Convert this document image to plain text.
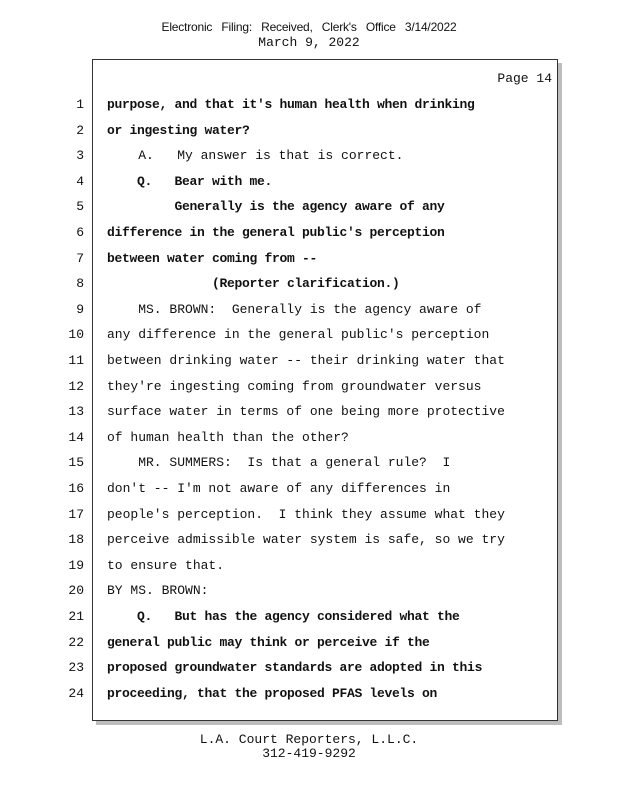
Electronic Filing: Received, Clerk's Office 3/14/2022
March 9, 2022
Page 14
1 purpose, and that it's human health when drinking
2 or ingesting water?
3 A.   My answer is that is correct.
4 Q.   Bear with me.
5 Generally is the agency aware of any
6 difference in the general public's perception
7 between water coming from --
8 (Reporter clarification.)
9 MS. BROWN:  Generally is the agency aware of
10 any difference in the general public's perception
11 between drinking water -- their drinking water that
12 they're ingesting coming from groundwater versus
13 surface water in terms of one being more protective
14 of human health than the other?
15 MR. SUMMERS:  Is that a general rule?  I
16 don't -- I'm not aware of any differences in
17 people's perception.  I think they assume what they
18 perceive admissible water system is safe, so we try
19 to ensure that.
20 BY MS. BROWN:
21 Q.   But has the agency considered what the
22 general public may think or perceive if the
23 proposed groundwater standards are adopted in this
24 proceeding, that the proposed PFAS levels on
L.A. Court Reporters, L.L.C.
312-419-9292
